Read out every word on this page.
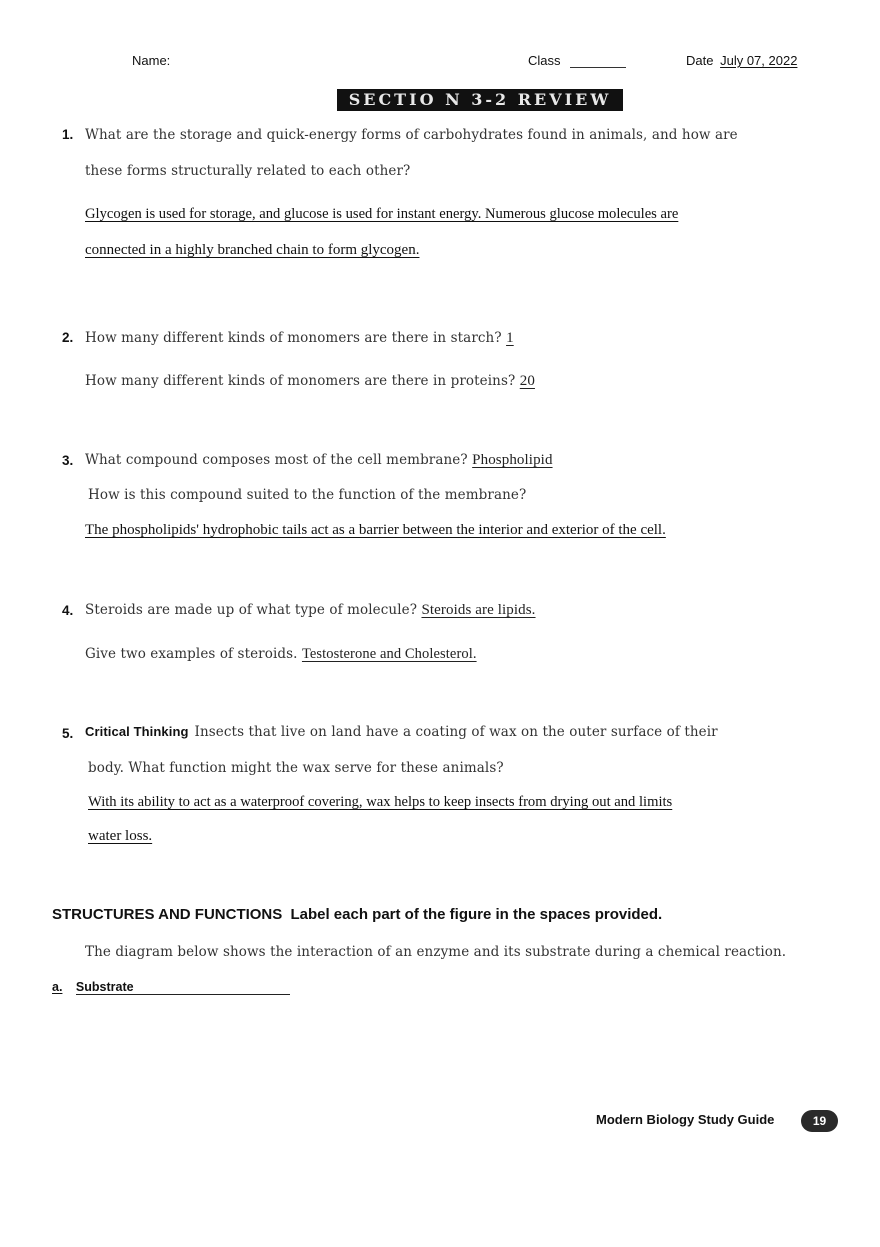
Name:	Class	Date July 07, 2022
SECTIO N 3-2 REVIEW
1. What are the storage and quick-energy forms of carbohydrates found in animals, and how are
these forms structurally related to each other?
Glycogen is used for storage, and glucose is used for instant energy. Numerous glucose molecules are
connected in a highly branched chain to form glycogen.
2. How many different kinds of monomers are there in starch? 1
How many different kinds of monomers are there in proteins? 20
3. What compound composes most of the cell membrane? Phospholipid
How is this compound suited to the function of the membrane?
The phospholipids' hydrophobic tails act as a barrier between the interior and exterior of the cell.
4. Steroids are made up of what type of molecule? Steroids are lipids.
Give two examples of steroids. Testosterone and Cholesterol.
5. Critical Thinking Insects that live on land have a coating of wax on the outer surface of their
body. What function might the wax serve for these animals?
With its ability to act as a waterproof covering, wax helps to keep insects from drying out and limits
water loss.
STRUCTURES AND FUNCTIONS Label each part of the figure in the spaces provided.
The diagram below shows the interaction of an enzyme and its substrate during a chemical reaction.
a. Substrate
Modern Biology Study Guide	19
